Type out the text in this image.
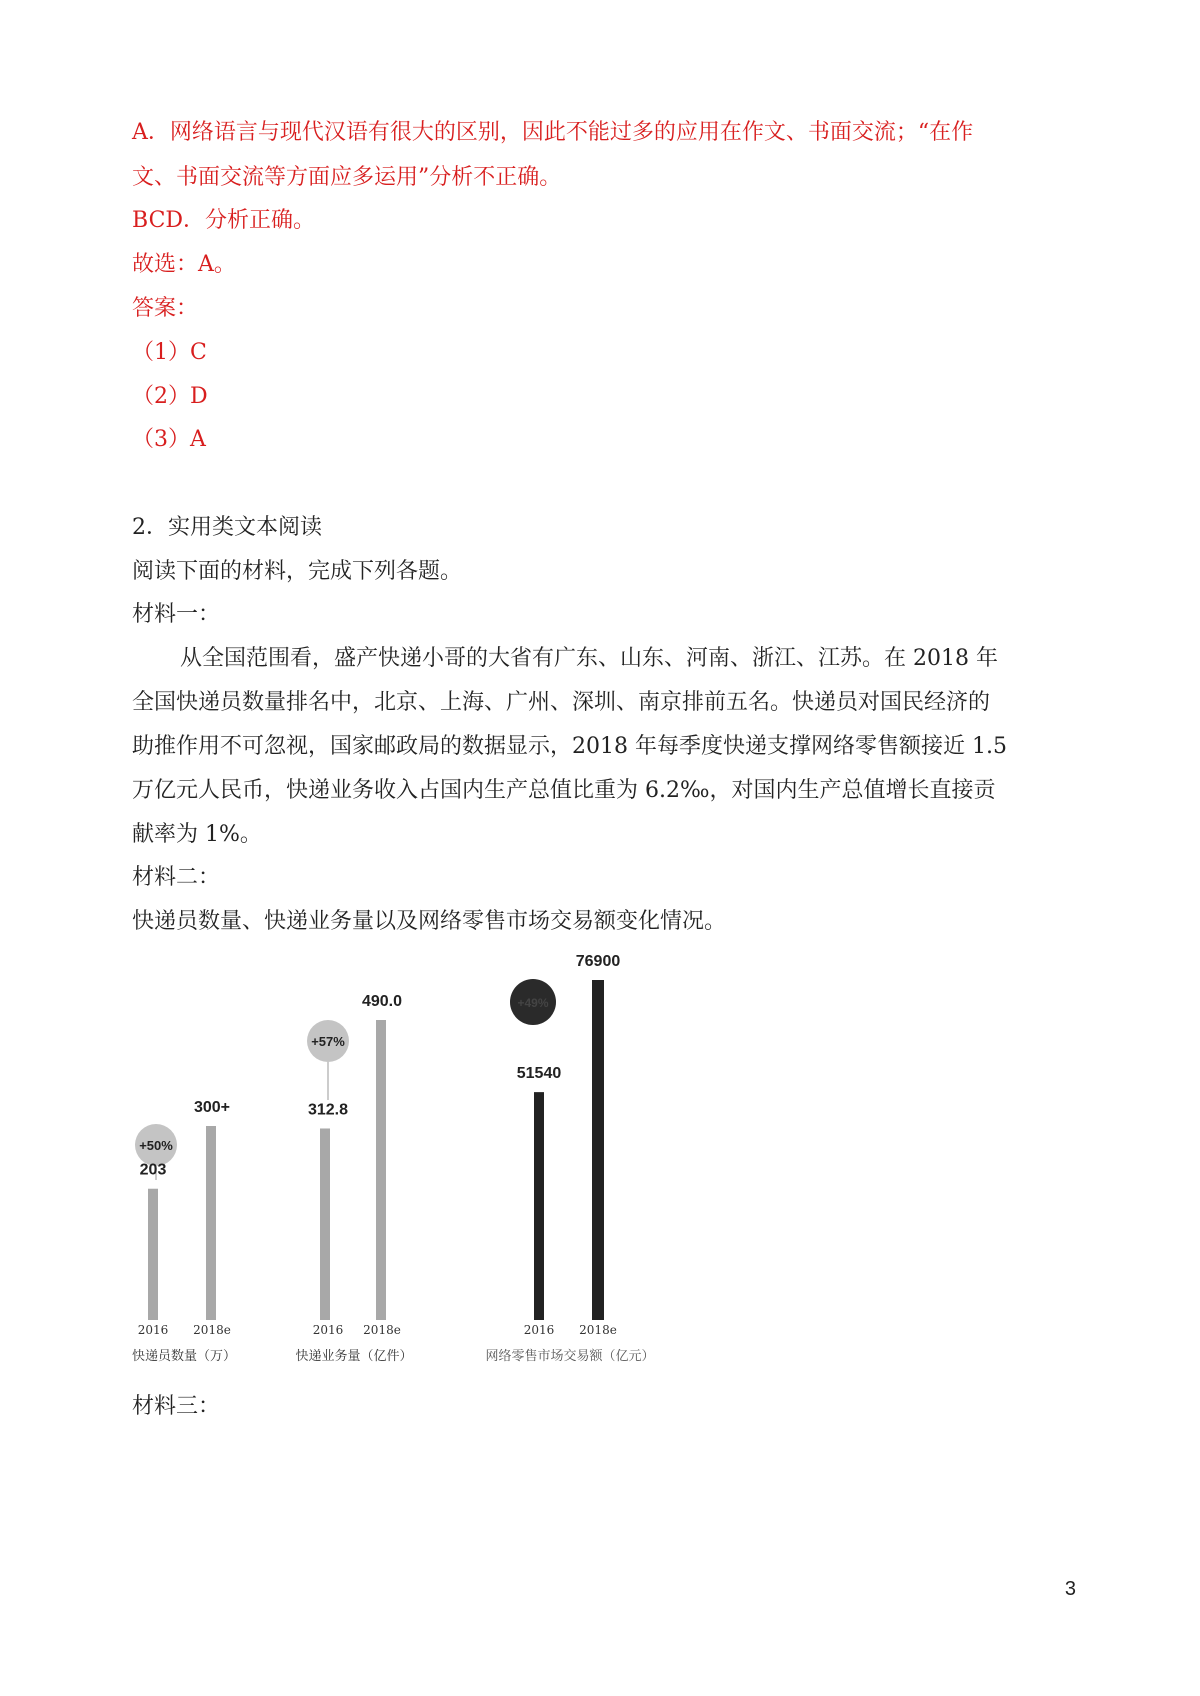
A．网络语言与现代汉语有很大的区别，因此不能过多的应用在作文、书面交流；“在作
文、书面交流等方面应多运用”分析不正确。
BCD．分析正确。
故选：A。
答案：
（1）C
（2）D
（3）A
2．实用类文本阅读
阅读下面的材料，完成下列各题。
材料一：
从全国范围看，盛产快递小哥的大省有广东、山东、河南、浙江、江苏。在 2018 年
全国快递员数量排名中，北京、上海、广州、深圳、南京排前五名。快递员对国民经济的
助推作用不可忽视，国家邮政局的数据显示，2018 年每季度快递支撑网络零售额接近 1.5
万亿元人民币，快递业务收入占国内生产总值比重为 6.2‰，对国内生产总值增长直接贡
献率为 1%。
材料二：
快递员数量、快递业务量以及网络零售市场交易额变化情况。
+50%
203
300+
2016 2018e
快递员数量（万）
+57%
312.8
490.0
2016 2018e
快递业务量（亿件）
+49%
51540
76900
2016 2018e
网络零售市场交易额（亿元）
材料三：
3
